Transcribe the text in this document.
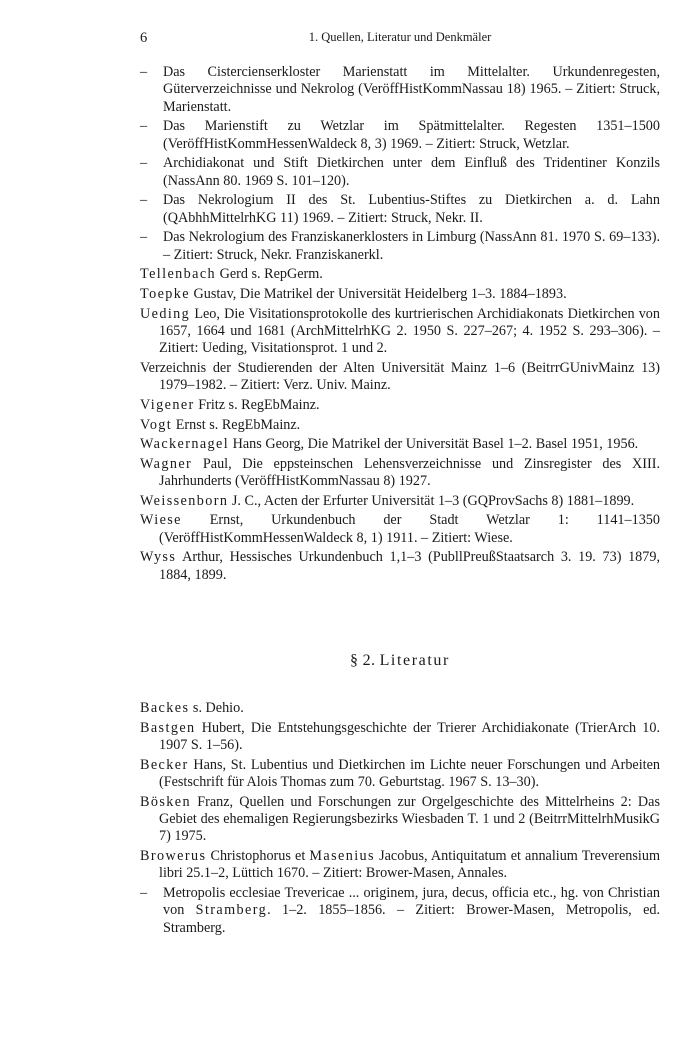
6	1. Quellen, Literatur und Denkmäler

– Das Cistercienserkloster Marienstatt im Mittelalter. Urkundenregesten, Güterverzeichnisse und Nekrolog (VeröffHistKommNassau 18) 1965. – Zitiert: Struck, Marienstatt.

– Das Marienstift zu Wetzlar im Spätmittelalter. Regesten 1351–1500 (VeröffHistKommHessenWaldeck 8, 3) 1969. – Zitiert: Struck, Wetzlar.

– Archidiakonat und Stift Dietkirchen unter dem Einfluß des Tridentiner Konzils (NassAnn 80. 1969 S. 101–120).

– Das Nekrologium II des St. Lubentius-Stiftes zu Dietkirchen a. d. Lahn (QAbhhMittelrhKG 11) 1969. – Zitiert: Struck, Nekr. II.

– Das Nekrologium des Franziskanerklosters in Limburg (NassAnn 81. 1970 S. 69–133). – Zitiert: Struck, Nekr. Franziskanerkl.

Tellenbach Gerd s. RepGerm.

Toepke Gustav, Die Matrikel der Universität Heidelberg 1–3. 1884–1893.

Ueding Leo, Die Visitationsprotokolle des kurtrierischen Archidiakonats Dietkirchen von 1657, 1664 und 1681 (ArchMittelrhKG 2. 1950 S. 227–267; 4. 1952 S. 293–306). – Zitiert: Ueding, Visitationsprot. 1 und 2.

Verzeichnis der Studierenden der Alten Universität Mainz 1–6 (BeitrrGUnivMainz 13) 1979–1982. – Zitiert: Verz. Univ. Mainz.

Vigener Fritz s. RegEbMainz.

Vogt Ernst s. RegEbMainz.

Wackernagel Hans Georg, Die Matrikel der Universität Basel 1–2. Basel 1951, 1956.

Wagner Paul, Die eppsteinschen Lehensverzeichnisse und Zinsregister des XIII. Jahrhunderts (VeröffHistKommNassau 8) 1927.

Weissenborn J. C., Acten der Erfurter Universität 1–3 (GQProvSachs 8) 1881–1899.

Wiese Ernst, Urkundenbuch der Stadt Wetzlar 1: 1141–1350 (VeröffHistKommHessenWaldeck 8, 1) 1911. – Zitiert: Wiese.

Wyss Arthur, Hessisches Urkundenbuch 1,1–3 (PubllPreußStaatsarch 3. 19. 73) 1879, 1884, 1899.

§ 2. Literatur

Backes s. Dehio.

Bastgen Hubert, Die Entstehungsgeschichte der Trierer Archidiakonate (TrierArch 10. 1907 S. 1–56).

Becker Hans, St. Lubentius und Dietkirchen im Lichte neuer Forschungen und Arbeiten (Festschrift für Alois Thomas zum 70. Geburtstag. 1967 S. 13–30).

Bösken Franz, Quellen und Forschungen zur Orgelgeschichte des Mittelrheins 2: Das Gebiet des ehemaligen Regierungsbezirks Wiesbaden T. 1 und 2 (BeitrrMittelrhMusikG 7) 1975.

Browerus Christophorus et Masenius Jacobus, Antiquitatum et annalium Treverensium libri 25.1–2, Lüttich 1670. – Zitiert: Brower-Masen, Annales.

– Metropolis ecclesiae Trevericae ... originem, jura, decus, officia etc., hg. von Christian von Stramberg. 1–2. 1855–1856. – Zitiert: Brower-Masen, Metropolis, ed. Stramberg.
